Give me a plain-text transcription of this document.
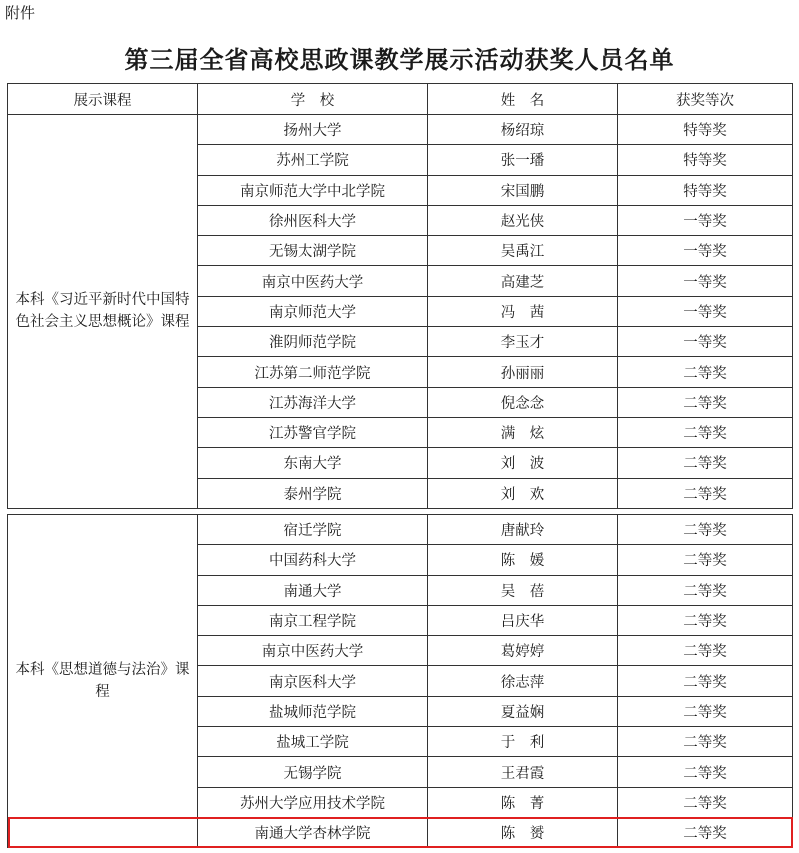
附件
第三届全省高校思政课教学展示活动获奖人员名单
展示课程	学　校	姓　名	获奖等次
本科《习近平新时代中国特色社会主义思想概论》课程	扬州大学	杨绍琼	特等奖
	苏州工学院	张一璠	特等奖
	南京师范大学中北学院	宋国鹏	特等奖
	徐州医科大学	赵光侠	一等奖
	无锡太湖学院	吴禹江	一等奖
	南京中医药大学	高建芝	一等奖
	南京师范大学	冯　茜	一等奖
	淮阴师范学院	李玉才	一等奖
	江苏第二师范学院	孙丽丽	二等奖
	江苏海洋大学	倪念念	二等奖
	江苏警官学院	满　炫	二等奖
	东南大学	刘　波	二等奖
	泰州学院	刘　欢	二等奖
本科《思想道德与法治》课程	宿迁学院	唐献玲	二等奖
	中国药科大学	陈　媛	二等奖
	南通大学	吴　蓓	二等奖
	南京工程学院	吕庆华	二等奖
	南京中医药大学	葛婷婷	二等奖
	南京医科大学	徐志萍	二等奖
	盐城师范学院	夏益娴	二等奖
	盐城工学院	于　利	二等奖
	无锡学院	王君霞	二等奖
	苏州大学应用技术学院	陈　菁	二等奖
	南通大学杏林学院	陈　赟	二等奖
